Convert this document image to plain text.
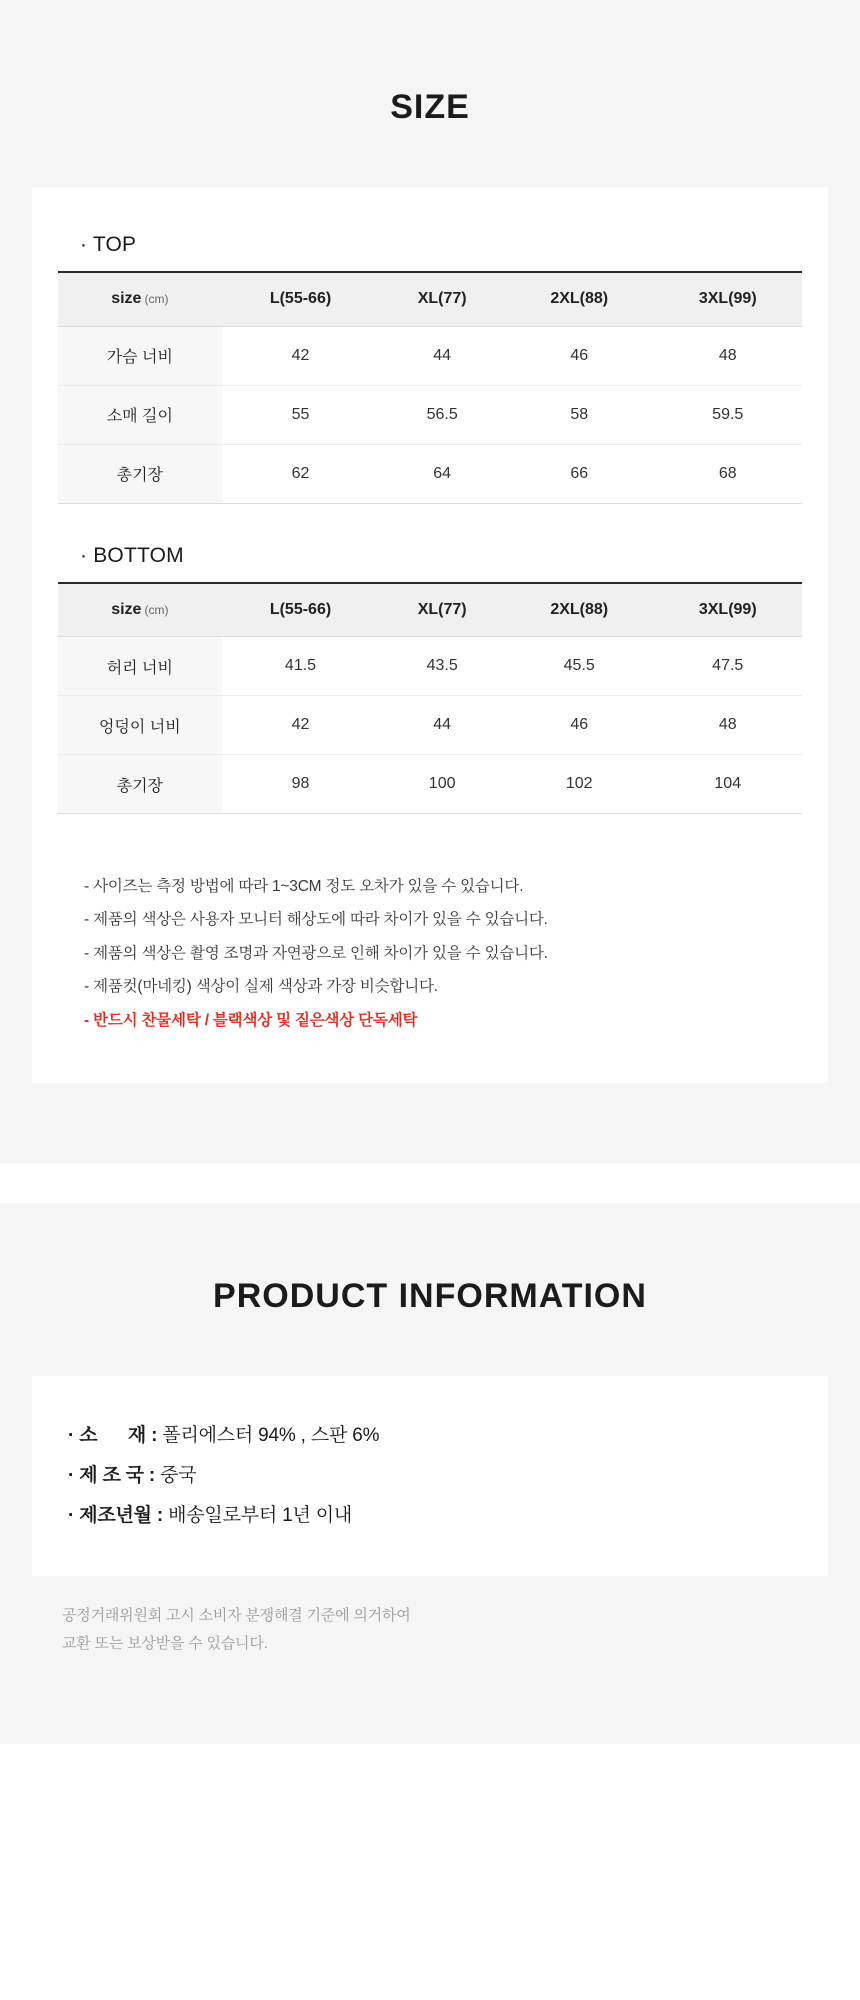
SIZE
· TOP
size (cm)	L(55-66)	XL(77)	2XL(88)	3XL(99)
가슴 너비	42	44	46	48
소매 길이	55	56.5	58	59.5
총기장	62	64	66	68
· BOTTOM
size (cm)	L(55-66)	XL(77)	2XL(88)	3XL(99)
허리 너비	41.5	43.5	45.5	47.5
엉덩이 너비	42	44	46	48
총기장	98	100	102	104

- 사이즈는 측정 방법에 따라 1~3CM 정도 오차가 있을 수 있습니다.

- 제품의 색상은 사용자 모니터 해상도에 따라 차이가 있을 수 있습니다.

- 제품의 색상은 촬영 조명과 자연광으로 인해 차이가 있을 수 있습니다.

- 제품컷(마네킹) 색상이 실제 색상과 가장 비슷합니다.

- 반드시 찬물세탁 / 블랙색상 및 짙은색상 단독세탁

PRODUCT INFORMATION
· 소      재 : 폴리에스터 94% , 스판 6%
· 제 조 국 : 중국
· 제조년월 : 배송일로부터 1년 이내

공정거래위원회 고시 소비자 분쟁해결 기준에 의거하여

교환 또는 보상받을 수 있습니다.
